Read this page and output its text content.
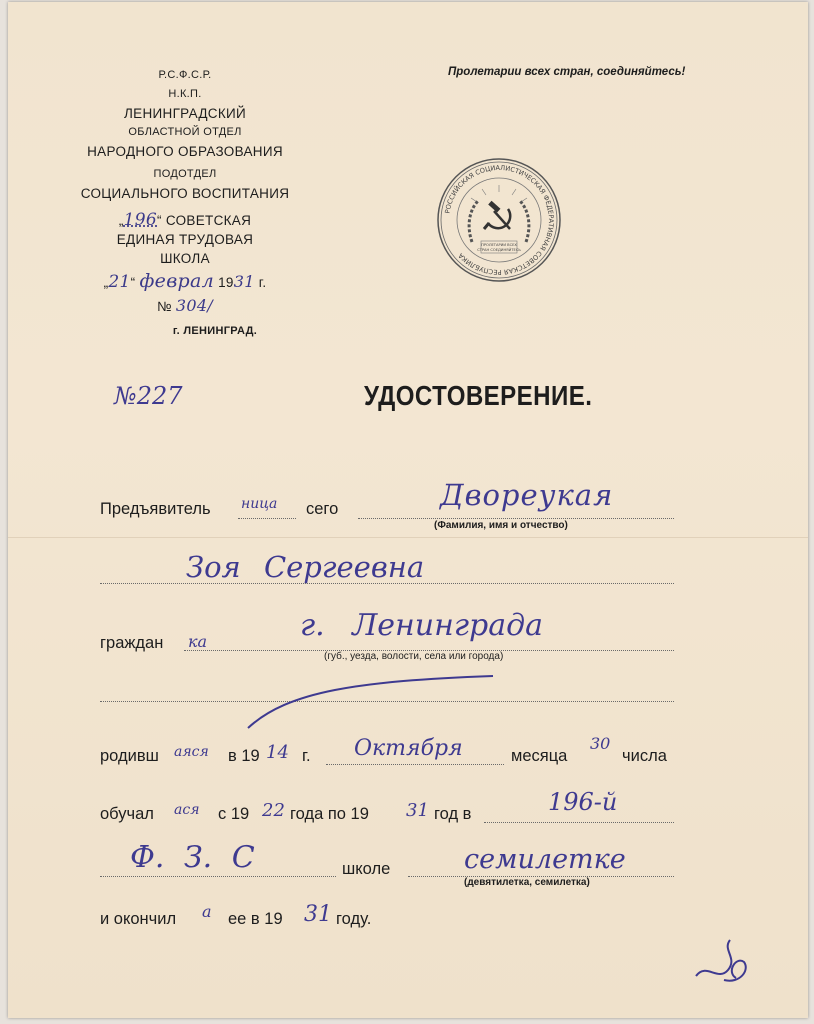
Р.С.Ф.С.Р.
Н.К.П.
ЛЕНИНГРАДСКИЙ
ОБЛАСТНОЙ ОТДЕЛ
НАРОДНОГО ОБРАЗОВАНИЯ
ПОДОТДЕЛ
СОЦИАЛЬНОГО ВОСПИТАНИЯ
„196“ СОВЕТСКАЯ
ЕДИНАЯ ТРУДОВАЯ
ШКОЛА
„21“ феврал 1931 г.
№ 304/
г. ЛЕНИНГРАД.
Пролетарии всех стран, соединяйтесь!
РОССИЙСКАЯ СОЦИАЛИСТИЧЕСКАЯ ФЕДЕРАТИВНАЯ СОВЕТСКАЯ РЕСПУБЛИКА
ПРОЛЕТАРИИ ВСЕХ
СТРАН СОЕДИНЯЙТЕСЬ
№227	УДОСТОВЕРЕНИЕ.
Предъявитель ница сего	Двореукая
(Фамилия, имя и отчество)
Зоя Сергеевна
граждан ка	г. Ленинграда
(губ., уезда, волости, села или города)
родивш аяся в 19 14 г. Октября	месяца
30
числа
обучал ася с 19 22 года по 19 31 год в	196-й
Ф. З. С	школе	семилетке
(девятилетка, семилетка)
и окончил а ее в 19 31 году.
